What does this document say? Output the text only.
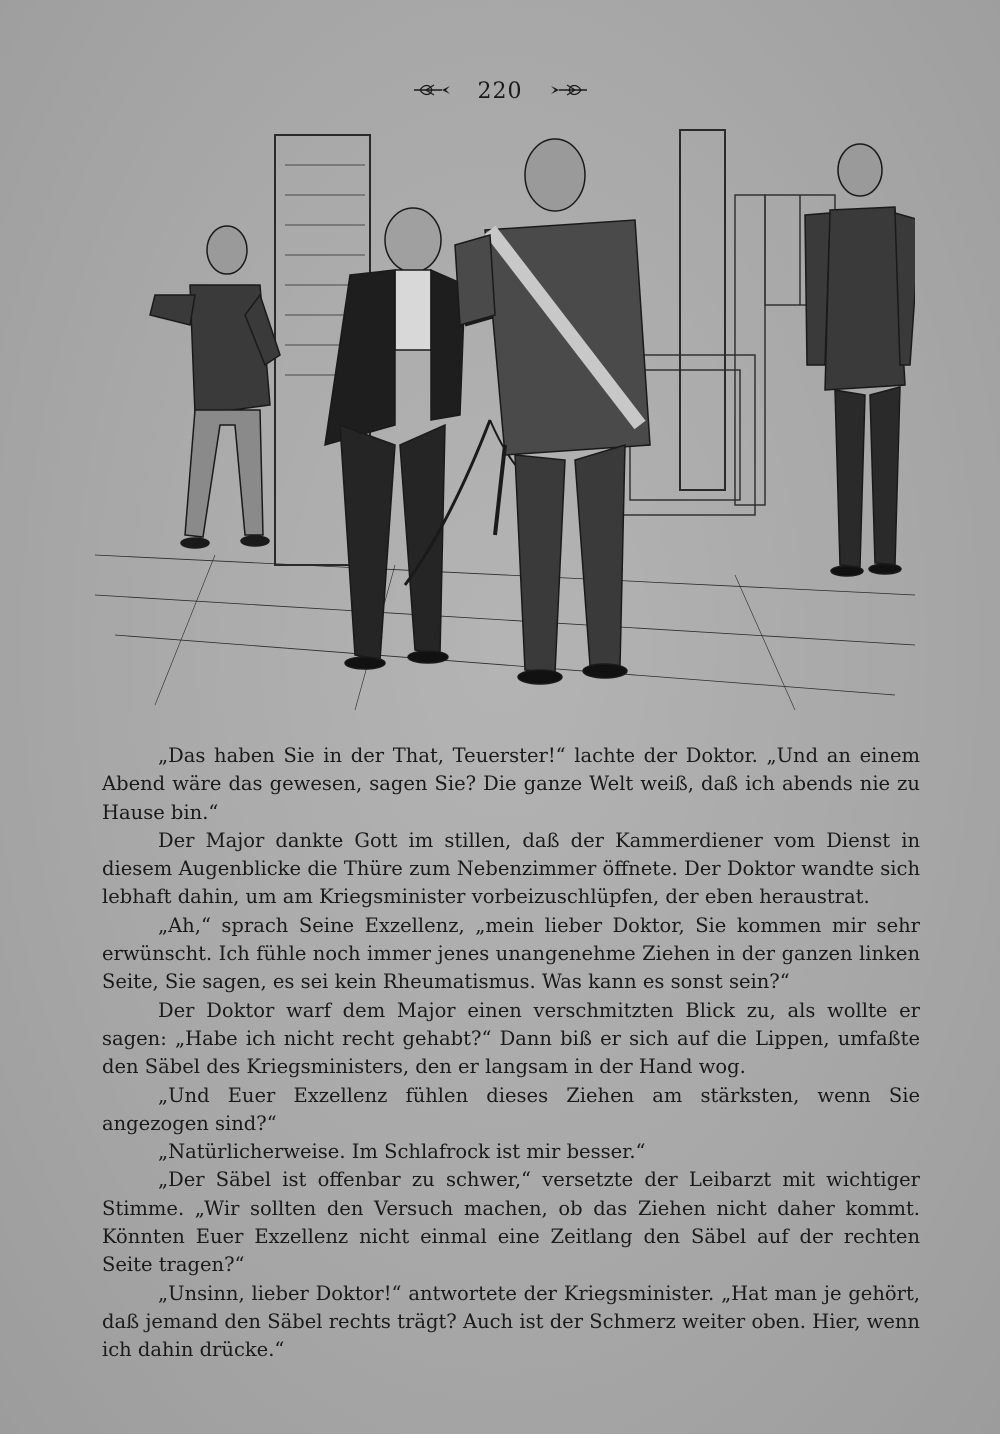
220

„Das haben Sie in der That, Teuerster!“ lachte der Doktor. „Und an einem Abend wäre das gewesen, sagen Sie? Die ganze Welt weiß, daß ich abends nie zu Hause bin.“

Der Major dankte Gott im stillen, daß der Kammerdiener vom Dienst in diesem Augenblicke die Thüre zum Nebenzimmer öffnete. Der Doktor wandte sich lebhaft dahin, um am Kriegsminister vorbeizuschlüpfen, der eben heraustrat.

„Ah,“ sprach Seine Exzellenz, „mein lieber Doktor, Sie kommen mir sehr erwünscht. Ich fühle noch immer jenes unangenehme Ziehen in der ganzen linken Seite, Sie sagen, es sei kein Rheumatismus. Was kann es sonst sein?“

Der Doktor warf dem Major einen verschmitzten Blick zu, als wollte er sagen: „Habe ich nicht recht gehabt?“ Dann biß er sich auf die Lippen, umfaßte den Säbel des Kriegsministers, den er langsam in der Hand wog.

„Und Euer Exzellenz fühlen dieses Ziehen am stärksten, wenn Sie angezogen sind?“

„Natürlicherweise. Im Schlafrock ist mir besser.“

„Der Säbel ist offenbar zu schwer,“ versetzte der Leibarzt mit wichtiger Stimme. „Wir sollten den Versuch machen, ob das Ziehen nicht daher kommt. Könnten Euer Exzellenz nicht einmal eine Zeitlang den Säbel auf der rechten Seite tragen?“

„Unsinn, lieber Doktor!“ antwortete der Kriegsminister. „Hat man je gehört, daß jemand den Säbel rechts trägt? Auch ist der Schmerz weiter oben. Hier, wenn ich dahin drücke.“
